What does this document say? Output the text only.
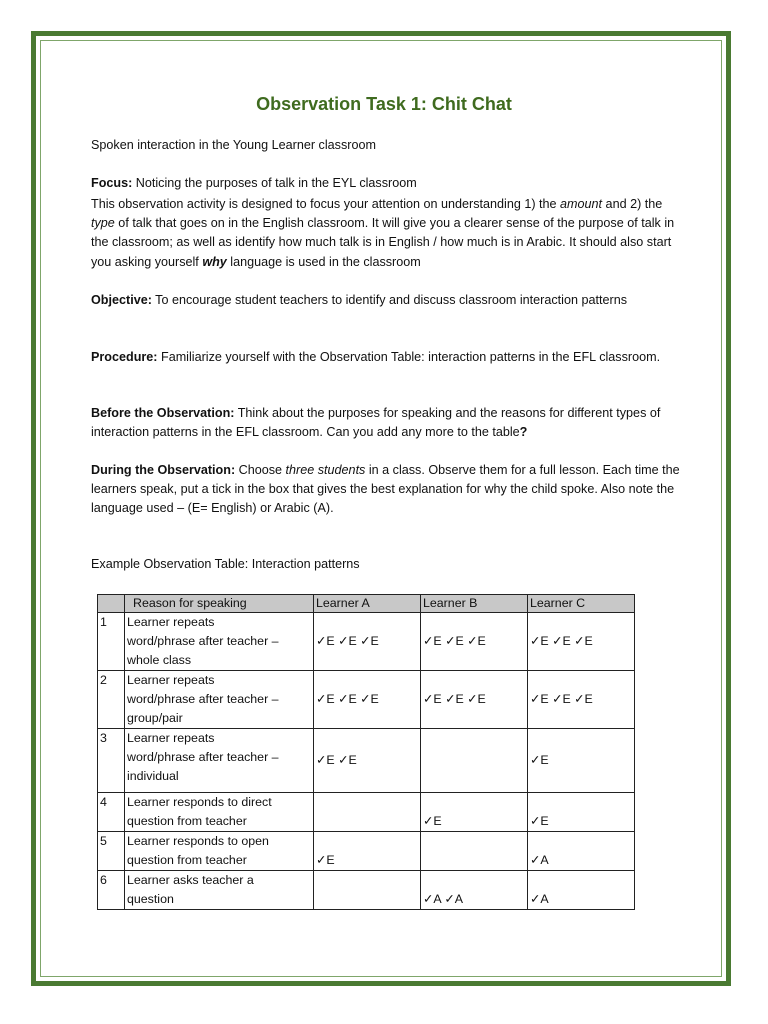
Observation Task 1: Chit Chat
Spoken interaction in the Young Learner classroom
Focus: Noticing the purposes of talk in the EYL classroom
This observation activity is designed to focus your attention on understanding 1) the amount and 2) the type of talk that goes on in the English classroom. It will give you a clearer sense of the purpose of talk in the classroom; as well as identify how much talk is in English / how much is in Arabic. It should also start you asking yourself why language is used in the classroom
Objective: To encourage student teachers to identify and discuss classroom interaction patterns
Procedure: Familiarize yourself with the Observation Table: interaction patterns in the EFL classroom.
Before the Observation: Think about the purposes for speaking and the reasons for different types of interaction patterns in the EFL classroom. Can you add any more to the table?
During the Observation: Choose three students in a class. Observe them for a full lesson. Each time the learners speak, put a tick in the box that gives the best explanation for why the child spoke. Also note the language used – (E= English) or Arabic (A).
Example Observation Table: Interaction patterns
	Reason for speaking	Learner A	Learner B	Learner C
1	Learner repeats
word/phrase after teacher –
whole class	✓E ✓E ✓E	✓E ✓E ✓E	✓E ✓E ✓E
2	Learner repeats
word/phrase after teacher –
group/pair	✓E ✓E ✓E	✓E ✓E ✓E	✓E ✓E ✓E
3	Learner repeats
word/phrase after teacher –
individual	✓E ✓E		✓E
4	Learner responds to direct
question from teacher		✓E	✓E
5	Learner responds to open
question from teacher	✓E		✓A
6	Learner asks teacher a
question		✓A ✓A	✓A
